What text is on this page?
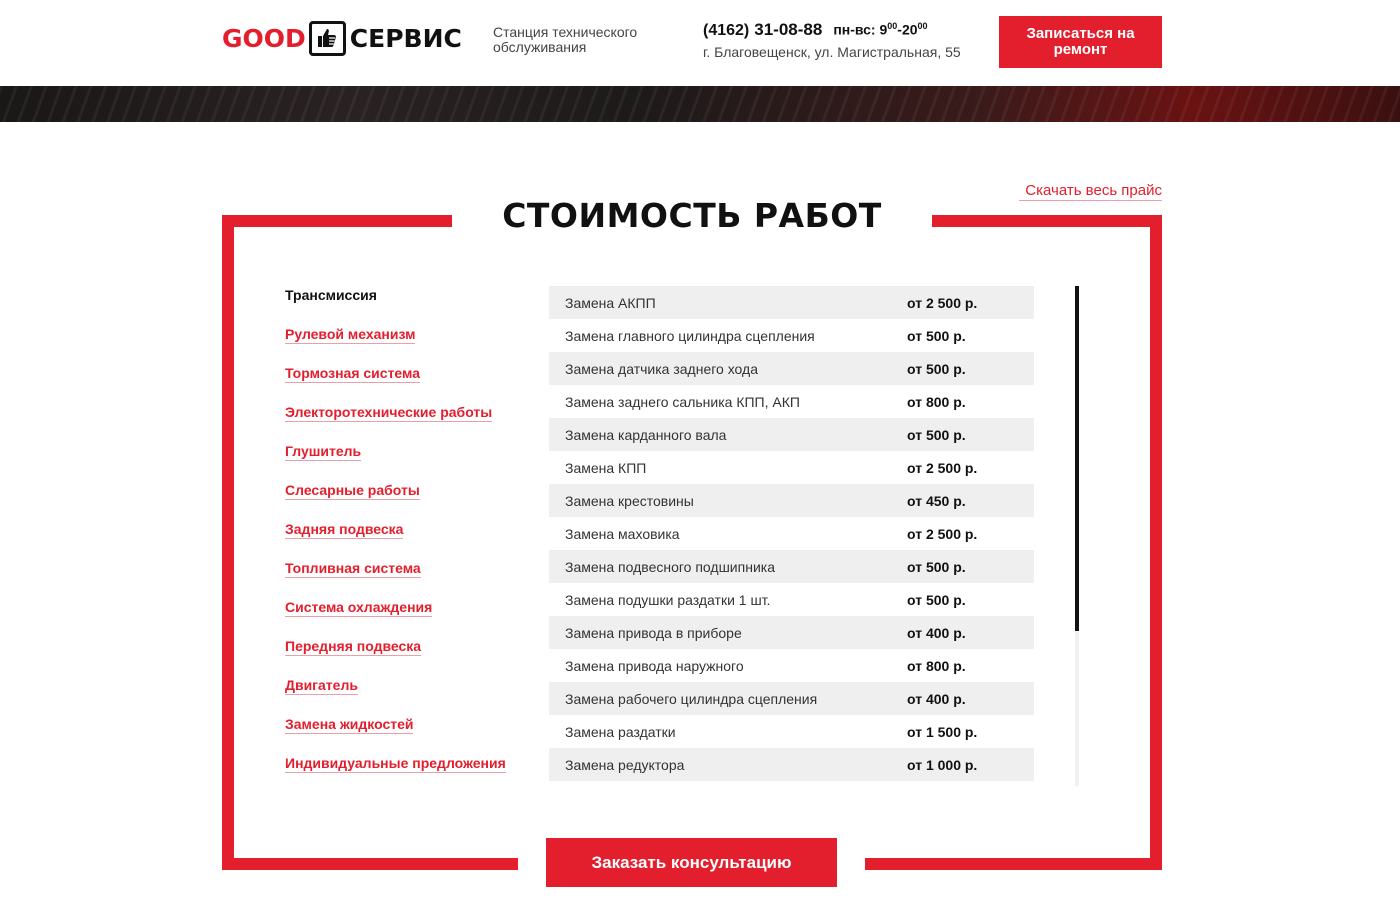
GOOD СЕРВИС Станция технического обслуживания
(4162) 31-08-88 пн-вс: $9^{00}-20^{00}$
г. Благовещенск, ул. Магистральная, 55
Записаться на ремонт
Скачать весь прайс
СТОИМОСТЬ РАБОТ
Трансмиссия
Рулевой механизм
Тормозная система
Электоротехнические работы
Глушитель
Слесарные работы
Задняя подвеска
Топливная система
Система охлаждения
Передняя подвеска
Двигатель
Замена жидкостей
Индивидуальные предложения
Замена АКПП	от 2 500 р.
Замена главного цилиндра сцепления	от 500 р.
Замена датчика заднего хода	от 500 р.
Замена заднего сальника КПП, АКП	от 800 р.
Замена карданного вала	от 500 р.
Замена КПП	от 2 500 р.
Замена крестовины	от 450 р.
Замена маховика	от 2 500 р.
Замена подвесного подшипника	от 500 р.
Замена подушки раздатки 1 шт.	от 500 р.
Замена привода в приборе	от 400 р.
Замена привода наружного	от 800 р.
Замена рабочего цилиндра сцепления	от 400 р.
Замена раздатки	от 1 500 р.
Замена редуктора	от 1 000 р.
Заказать консультацию
